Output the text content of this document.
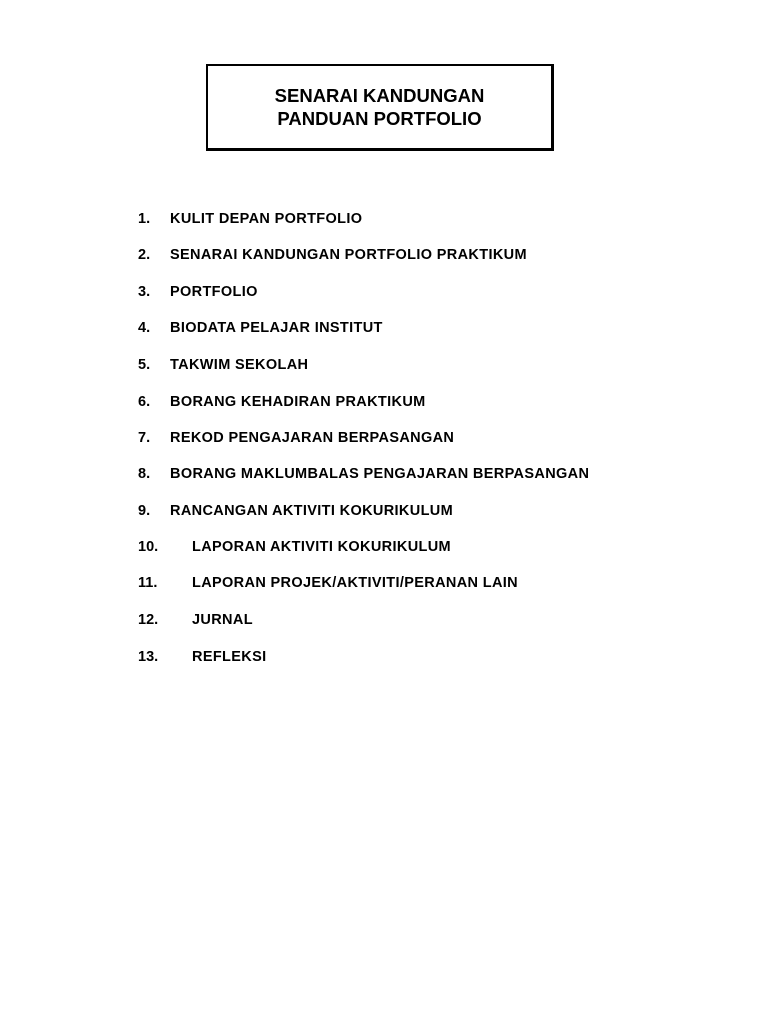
SENARAI KANDUNGAN
PANDUAN PORTFOLIO
1. KULIT DEPAN PORTFOLIO
2. SENARAI KANDUNGAN PORTFOLIO PRAKTIKUM
3. PORTFOLIO
4. BIODATA PELAJAR INSTITUT
5. TAKWIM SEKOLAH
6. BORANG KEHADIRAN PRAKTIKUM
7. REKOD PENGAJARAN BERPASANGAN
8. BORANG MAKLUMBALAS PENGAJARAN BERPASANGAN
9. RANCANGAN AKTIVITI KOKURIKULUM
10. LAPORAN AKTIVITI KOKURIKULUM
11. LAPORAN PROJEK/AKTIVITI/PERANAN LAIN
12. JURNAL
13. REFLEKSI
